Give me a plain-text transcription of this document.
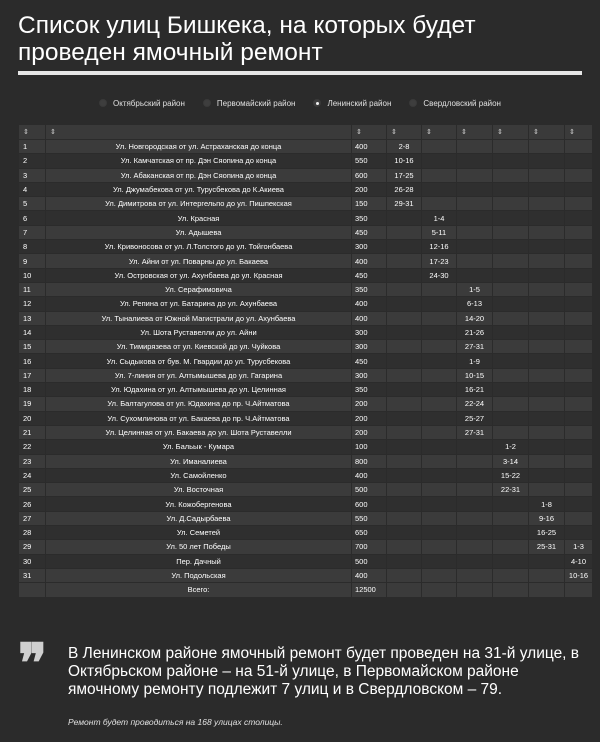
Список улиц Бишкека, на которых будет проведен ямочный ремонт
Октябрьский район	Первомайский район	Ленинский район	Свердловский район
⇕	⇕	⇕	⇕	⇕	⇕	⇕	⇕	⇕
1	Ул. Новгородская от ул. Астраханская до конца	400	2-8					
2	Ул. Камчатская от пр. Дэн Сяопина до конца	550	10-16					
3	Ул. Абаканская от пр. Дэн Сяопина до конца	600	17-25					
4	Ул. Джумабекова от ул. Турусбекова до К.Акиева	200	26-28					
5	Ул. Димитрова от ул. Интергельпо до ул. Пишпекская	150	29-31					
6	Ул. Красная	350		1-4				
7	Ул. Адышева	450		5-11				
8	Ул. Кривоносова от ул. Л.Толстого до ул. Тойгонбаева	300		12-16				
9	Ул. Айни от ул. Поварны до ул. Бакаева	400		17-23				
10	Ул. Островская от ул. Ахунбаева до ул. Красная	450		24-30				
11	Ул. Серафимовича	350			1-5			
12	Ул. Репина от ул. Батарина до ул. Ахунбаева	400			6-13			
13	Ул. Тыналиева от Южной Магистрали до ул. Ахунбаева	400			14-20			
14	Ул. Шота Руставелли до ул. Айни	300			21-26			
15	Ул. Тимирязева от ул. Киевской до ул. Чуйкова	300			27-31			
16	Ул. Сыдыкова от був. М. Гвардии до ул. Турусбекова	450			1-9			
17	Ул. 7-линия от ул. Алтымышева до ул. Гагарина	300			10-15			
18	Ул. Юдахина от ул. Алтымышева до ул. Целинная	350			16-21			
19	Ул. Балтагулова от ул. Юдахина до пр. Ч.Айтматова	200			22-24			
20	Ул. Сухомлинова от ул. Бакаева до пр. Ч.Айтматова	200			25-27			
21	Ул. Целинная от ул. Бакаева до ул. Шота Руставелли	200			27-31			
22	Ул. Бальык - Кумара	100				1-2		
23	Ул. Иманалиева	800				3-14		
24	Ул. Самойленко	400				15-22		
25	Ул. Восточная	500				22-31		
26	Ул. Кожобергенова	600					1-8	
27	Ул. Д.Садырбаева	550					9-16	
28	Ул. Семетей	650					16-25	
29	Ул. 50 лет Победы	700					25-31	1-3
30	Пер. Дачный	500						4-10
31	Ул. Подольская	400						10-16
	Всего:	12500						
❞ В Ленинском районе ямочный ремонт будет проведен на 31-й улице, в Октябрьском районе – на 51-й улице, в Первомайском районе ямочному ремонту подлежит 7 улиц и в Свердловском – 79.
Ремонт будет проводиться на 168 улицах столицы.
